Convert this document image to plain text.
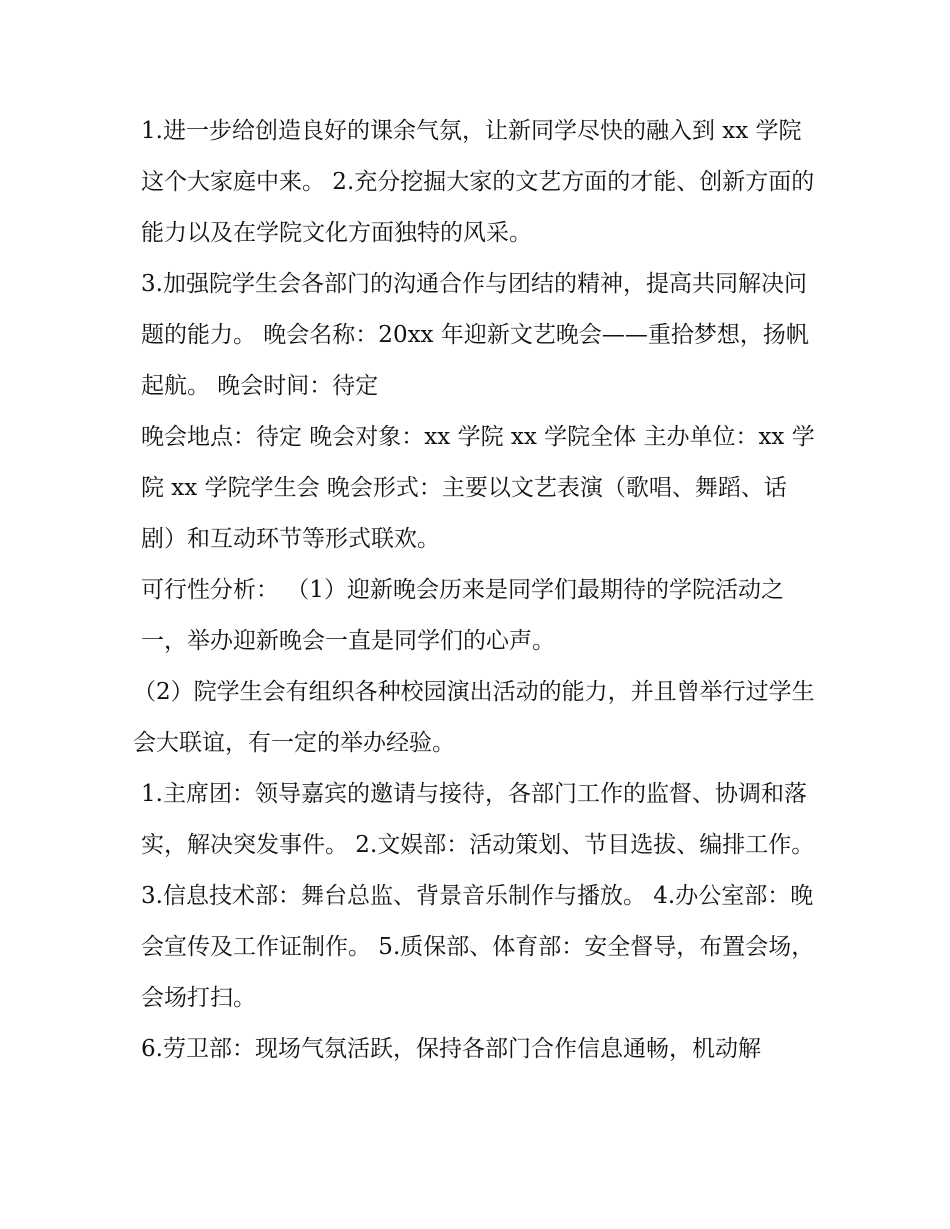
1.进一步给创造良好的课余气氛，让新同学尽快的融入到 xx 学院这个大家庭中来。 2.充分挖掘大家的文艺方面的才能、创新方面的能力以及在学院文化方面独特的风采。

3.加强院学生会各部门的沟通合作与团结的精神，提高共同解决问题的能力。 晚会名称：20xx 年迎新文艺晚会——重拾梦想，扬帆起航。 晚会时间：待定

晚会地点：待定 晚会对象：xx 学院 xx 学院全体 主办单位：xx 学院 xx 学院学生会 晚会形式：主要以文艺表演（歌唱、舞蹈、话剧）和互动环节等形式联欢。

可行性分析： （1）迎新晚会历来是同学们最期待的学院活动之一，举办迎新晚会一直是同学们的心声。

（2）院学生会有组织各种校园演出活动的能力，并且曾举行过学生会大联谊，有一定的举办经验。

1.主席团：领导嘉宾的邀请与接待，各部门工作的监督、协调和落实，解决突发事件。 2.文娱部：活动策划、节目选拔、编排工作。

3.信息技术部：舞台总监、背景音乐制作与播放。 4.办公室部：晚会宣传及工作证制作。 5.质保部、体育部：安全督导，布置会场，会场打扫。

6.劳卫部：现场气氛活跃，保持各部门合作信息通畅，机动解
